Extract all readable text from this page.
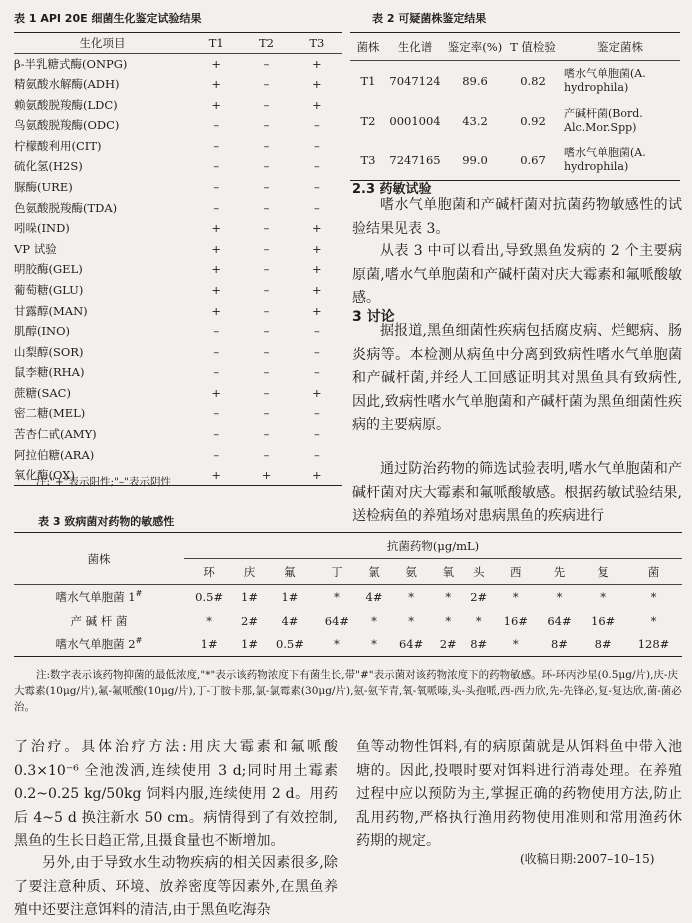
表 1 API 20E 细菌生化鉴定试验结果
生化项目	T1	T2	T3
β-半乳糖式酶(ONPG)	+	–	+
精氨酸水解酶(ADH)	+	–	+
赖氨酸脱羧酶(LDC)	+	–	+
鸟氨酸脱羧酶(ODC)	–	–	–
柠檬酸利用(CIT)	–	–	–
硫化氢(H2S)	–	–	–
脲酶(URE)	–	–	–
色氨酸脱羧酶(TDA)	–	–	–
吲哚(IND)	+	–	+
VP 试验	+	–	+
明胶酶(GEL)	+	–	+
葡萄糖(GLU)	+	–	+
甘露醇(MAN)	+	–	+
肌醇(INO)	–	–	–
山梨醇(SOR)	–	–	–
鼠李糖(RHA)	–	–	–
蔗糖(SAC)	+	–	+
密二糖(MEL)	–	–	–
苦杏仁甙(AMY)	–	–	–
阿拉伯糖(ARA)	–	–	–
氧化酶(OX)	+	+	+
注:"+"表示阳性;"–"表示阴性
表 2 可疑菌株鉴定结果
菌株	生化谱	鉴定率(%)	T 值检验	鉴定菌株
T1	7047124	89.6	0.82	嗜水气单胞菌(A. hydrophila)
T2	0001004	43.2	0.92	产碱杆菌(Bord. Alc.Mor.Spp)
T3	7247165	99.0	0.67	嗜水气单胞菌(A. hydrophila)
2.3 药敏试验
嗜水气单胞菌和产碱杆菌对抗菌药物敏感性的试验结果见表 3。
从表 3 中可以看出,导致黑鱼发病的 2 个主要病原菌,嗜水气单胞菌和产碱杆菌对庆大霉素和氟哌酸敏感。
3 讨论
据报道,黑鱼细菌性疾病包括腐皮病、烂鳃病、肠炎病等。本检测从病鱼中分离到致病性嗜水气单胞菌和产碱杆菌,并经人工回感证明其对黑鱼具有致病性,因此,致病性嗜水气单胞菌和产碱杆菌为黑鱼细菌性疾病的主要病原。
通过防治药物的筛选试验表明,嗜水气单胞菌和产碱杆菌对庆大霉素和氟哌酸敏感。根据药敏试验结果,送检病鱼的养殖场对患病黑鱼的疾病进行
表 3 致病菌对药物的敏感性
菌株	抗菌药物(μg/mL)											
	环	庆	氟	丁	氯	氨	氧	头	西	先	复	菌
嗜水气单胞菌 1#	0.5#	1#	1#	*	4#	*	*	2#	*	*	*	*
产 碱 杆 菌	*	2#	4#	64#	*	*	*	*	16#	64#	16#	*
嗜水气单胞菌 2#	1#	1#	0.5#	*	*	64#	2#	8#	*	8#	8#	128#
注:数字表示该药物抑菌的最低浓度,"*"表示该药物浓度下有菌生长,带"#"表示菌对该药物浓度下的药物敏感。环-环丙沙星(0.5μg/片),庆-庆大霉素(10μg/片),氟-氟哌酸(10μg/片),丁-丁胺卡那,氯-氯霉素(30μg/片),氨-氨苄青,氧-氧哌嗪,头-头孢哌,西-西力欣,先-先锋必,复-复达欣,菌-菌必治。
了治疗。具体治疗方法:用庆大霉素和氟哌酸 0.3×10⁻⁶ 全池泼洒,连续使用 3 d;同时用土霉素 0.2~0.25 kg/50kg 饲料内服,连续使用 2 d。用药后 4~5 d 换注新水 50 cm。病情得到了有效控制,黑鱼的生长日趋正常,且摄食量也不断增加。
另外,由于导致水生动物疾病的相关因素很多,除了要注意种质、环境、放养密度等因素外,在黑鱼养殖中还要注意饵料的清洁,由于黑鱼吃海杂
鱼等动物性饵料,有的病原菌就是从饵料鱼中带入池塘的。因此,投喂时要对饵料进行消毒处理。在养殖过程中应以预防为主,掌握正确的药物使用方法,防止乱用药物,严格执行渔用药物使用准则和常用渔药休药期的规定。
(收稿日期:2007–10–15)
